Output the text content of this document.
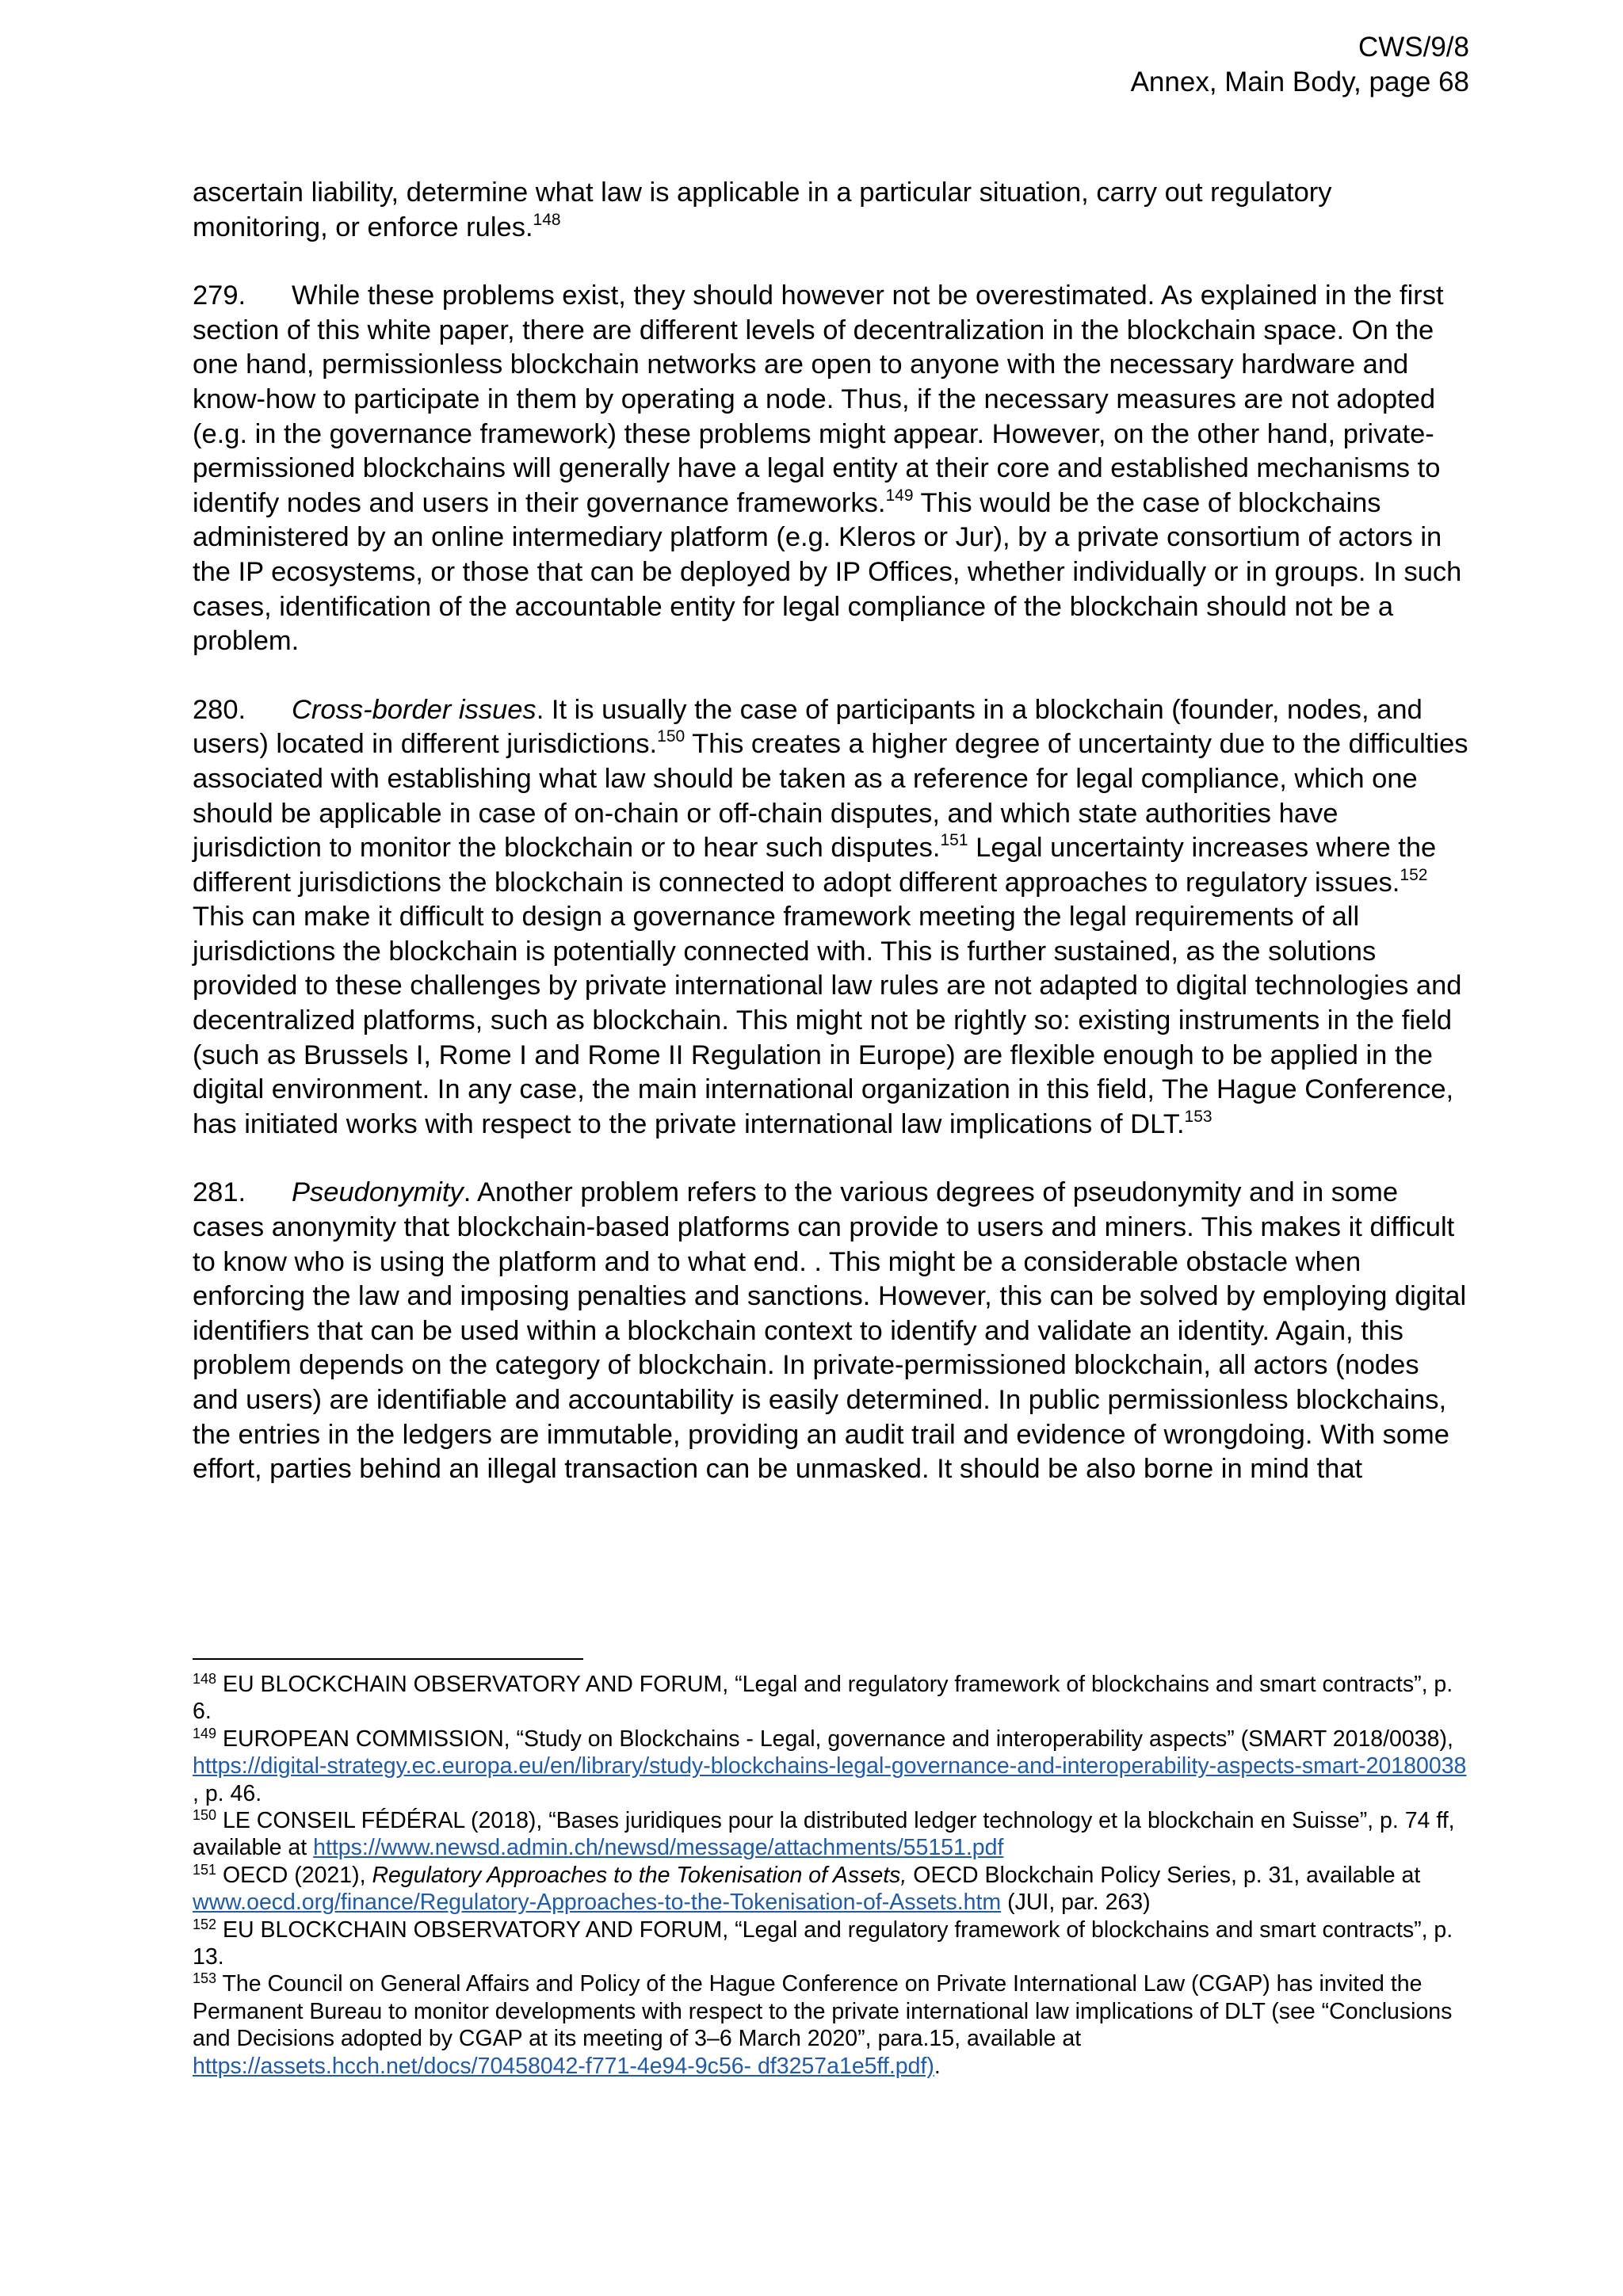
CWS/9/8
Annex, Main Body, page 68

ascertain liability, determine what law is applicable in a particular situation, carry out regulatory monitoring, or enforce rules.$^{148}$

279. While these problems exist, they should however not be overestimated. As explained in the first section of this white paper, there are different levels of decentralization in the blockchain space. On the one hand, permissionless blockchain networks are open to anyone with the necessary hardware and know-how to participate in them by operating a node. Thus, if the necessary measures are not adopted (e.g. in the governance framework) these problems might appear. However, on the other hand, private-permissioned blockchains will generally have a legal entity at their core and established mechanisms to identify nodes and users in their governance frameworks.$^{149}$ This would be the case of blockchains administered by an online intermediary platform (e.g. Kleros or Jur), by a private consortium of actors in the IP ecosystems, or those that can be deployed by IP Offices, whether individually or in groups. In such cases, identification of the accountable entity for legal compliance of the blockchain should not be a problem.

280. Cross-border issues. It is usually the case of participants in a blockchain (founder, nodes, and users) located in different jurisdictions.$^{150}$ This creates a higher degree of uncertainty due to the difficulties associated with establishing what law should be taken as a reference for legal compliance, which one should be applicable in case of on-chain or off-chain disputes, and which state authorities have jurisdiction to monitor the blockchain or to hear such disputes.$^{151}$ Legal uncertainty increases where the different jurisdictions the blockchain is connected to adopt different approaches to regulatory issues.$^{152}$ This can make it difficult to design a governance framework meeting the legal requirements of all jurisdictions the blockchain is potentially connected with. This is further sustained, as the solutions provided to these challenges by private international law rules are not adapted to digital technologies and decentralized platforms, such as blockchain. This might not be rightly so: existing instruments in the field (such as Brussels I, Rome I and Rome II Regulation in Europe) are flexible enough to be applied in the digital environment. In any case, the main international organization in this field, The Hague Conference, has initiated works with respect to the private international law implications of DLT.$^{153}$

281. Pseudonymity. Another problem refers to the various degrees of pseudonymity and in some cases anonymity that blockchain-based platforms can provide to users and miners. This makes it difficult to know who is using the platform and to what end. . This might be a considerable obstacle when enforcing the law and imposing penalties and sanctions. However, this can be solved by employing digital identifiers that can be used within a blockchain context to identify and validate an identity. Again, this problem depends on the category of blockchain. In private-permissioned blockchain, all actors (nodes and users) are identifiable and accountability is easily determined. In public permissionless blockchains, the entries in the ledgers are immutable, providing an audit trail and evidence of wrongdoing. With some effort, parties behind an illegal transaction can be unmasked. It should be also borne in mind that

$^{148}$ EU BLOCKCHAIN OBSERVATORY AND FORUM, “Legal and regulatory framework of blockchains and smart contracts”, p. 6.

$^{149}$ EUROPEAN COMMISSION, “Study on Blockchains - Legal, governance and interoperability aspects” (SMART 2018/0038), https://digital-strategy.ec.europa.eu/en/library/study-blockchains-legal-governance-and-interoperability-aspects-smart-20180038 , p. 46.

$^{150}$ LE CONSEIL FÉDÉRAL (2018), “Bases juridiques pour la distributed ledger technology et la blockchain en Suisse”, p. 74 ff, available at https://www.newsd.admin.ch/newsd/message/attachments/55151.pdf

$^{151}$ OECD (2021), Regulatory Approaches to the Tokenisation of Assets, OECD Blockchain Policy Series, p. 31, available at www.oecd.org/finance/Regulatory-Approaches-to-the-Tokenisation-of-Assets.htm (JUI, par. 263)

$^{152}$ EU BLOCKCHAIN OBSERVATORY AND FORUM, “Legal and regulatory framework of blockchains and smart contracts”, p. 13.

$^{153}$ The Council on General Affairs and Policy of the Hague Conference on Private International Law (CGAP) has invited the Permanent Bureau to monitor developments with respect to the private international law implications of DLT (see “Conclusions and Decisions adopted by CGAP at its meeting of 3–6 March 2020”, para.15, available at https://assets.hcch.net/docs/70458042-f771-4e94-9c56- df3257a1e5ff.pdf).
